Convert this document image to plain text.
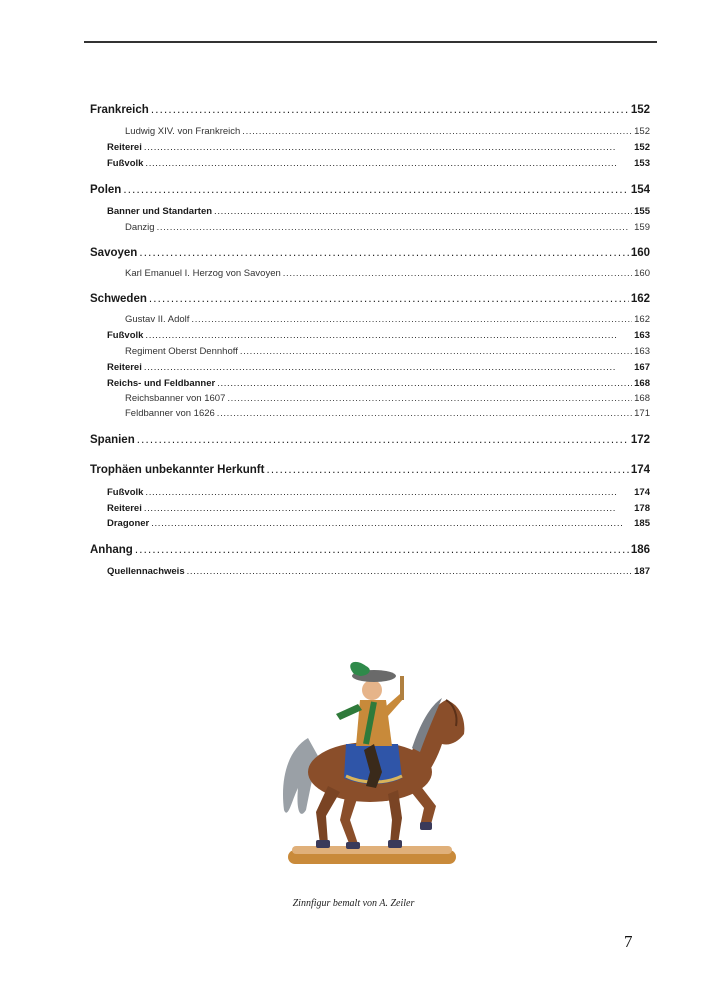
Frankreich . . .	152
Ludwig XIV. von Frankreich . . .	152
Reiterei . . .	152
Fußvolk . . .	153
Polen . . .	154
Banner und Standarten . . .	155
Danzig . . .	159
Savoyen . . .	160
Karl Emanuel I. Herzog von Savoyen . . .	160
Schweden . . .	162
Gustav II. Adolf . . .	162
Fußvolk . . .	163
Regiment Oberst Dennhoff . . .	163
Reiterei . . .	167
Reichs- und Feldbanner . . .	168
Reichsbanner von 1607 . . .	168
Feldbanner von 1626 . . .	171
Spanien . . .	172
Trophäen unbekannter Herkunft . . .	174
Fußvolk . . .	174
Reiterei . . .	178
Dragoner . . .	185
Anhang . . .	186
Quellennachweis . . .	187
Zinnfigur bemalt von A. Zeiler
7
